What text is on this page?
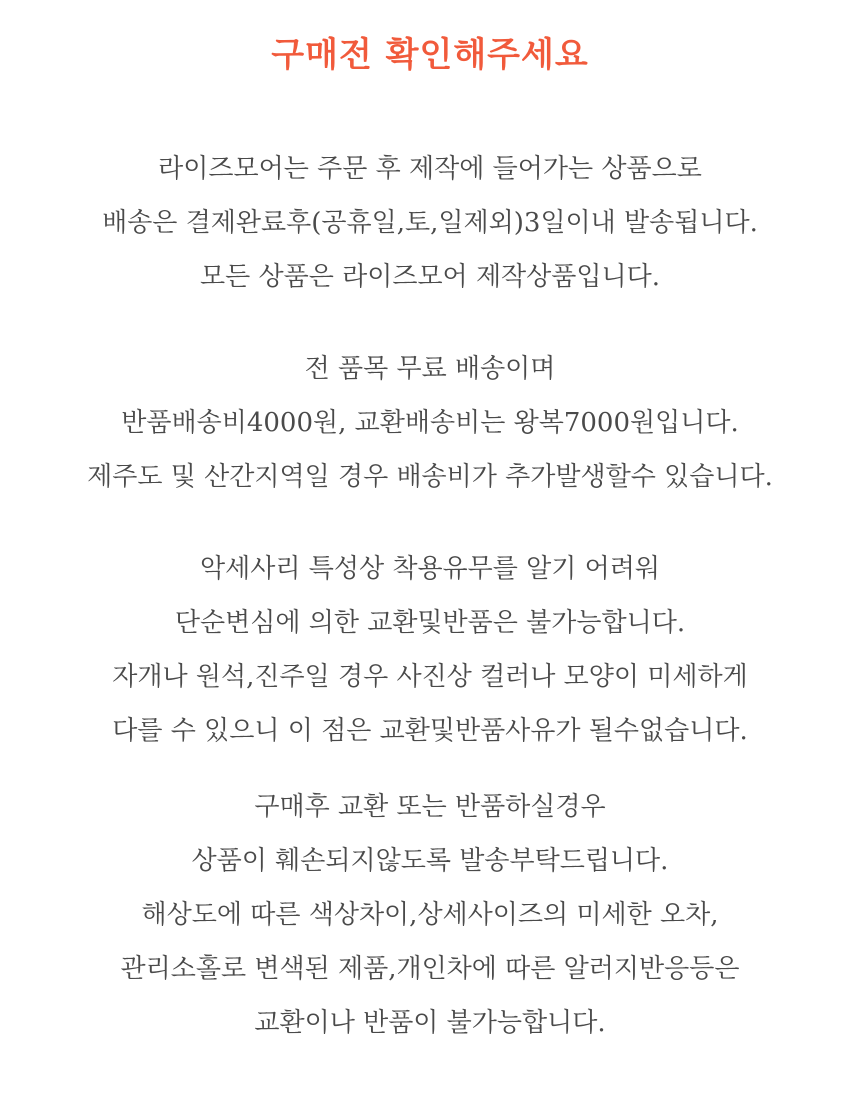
구매전 확인해주세요
라이즈모어는 주문 후 제작에 들어가는 상품으로
배송은 결제완료후(공휴일,토,일제외)3일이내 발송됩니다.
모든 상품은 라이즈모어 제작상품입니다.
전 품목 무료 배송이며
반품배송비4000원, 교환배송비는 왕복7000원입니다.
제주도 및 산간지역일 경우 배송비가 추가발생할수 있습니다.
악세사리 특성상 착용유무를 알기 어려워
단순변심에 의한 교환및반품은 불가능합니다.
자개나 원석,진주일 경우 사진상 컬러나 모양이 미세하게
다를 수 있으니 이 점은 교환및반품사유가 될수없습니다.
구매후 교환 또는 반품하실경우
상품이 훼손되지않도록 발송부탁드립니다.
해상도에 따른 색상차이,상세사이즈의 미세한 오차,
관리소홀로 변색된 제품,개인차에 따른 알러지반응등은
교환이나 반품이 불가능합니다.
